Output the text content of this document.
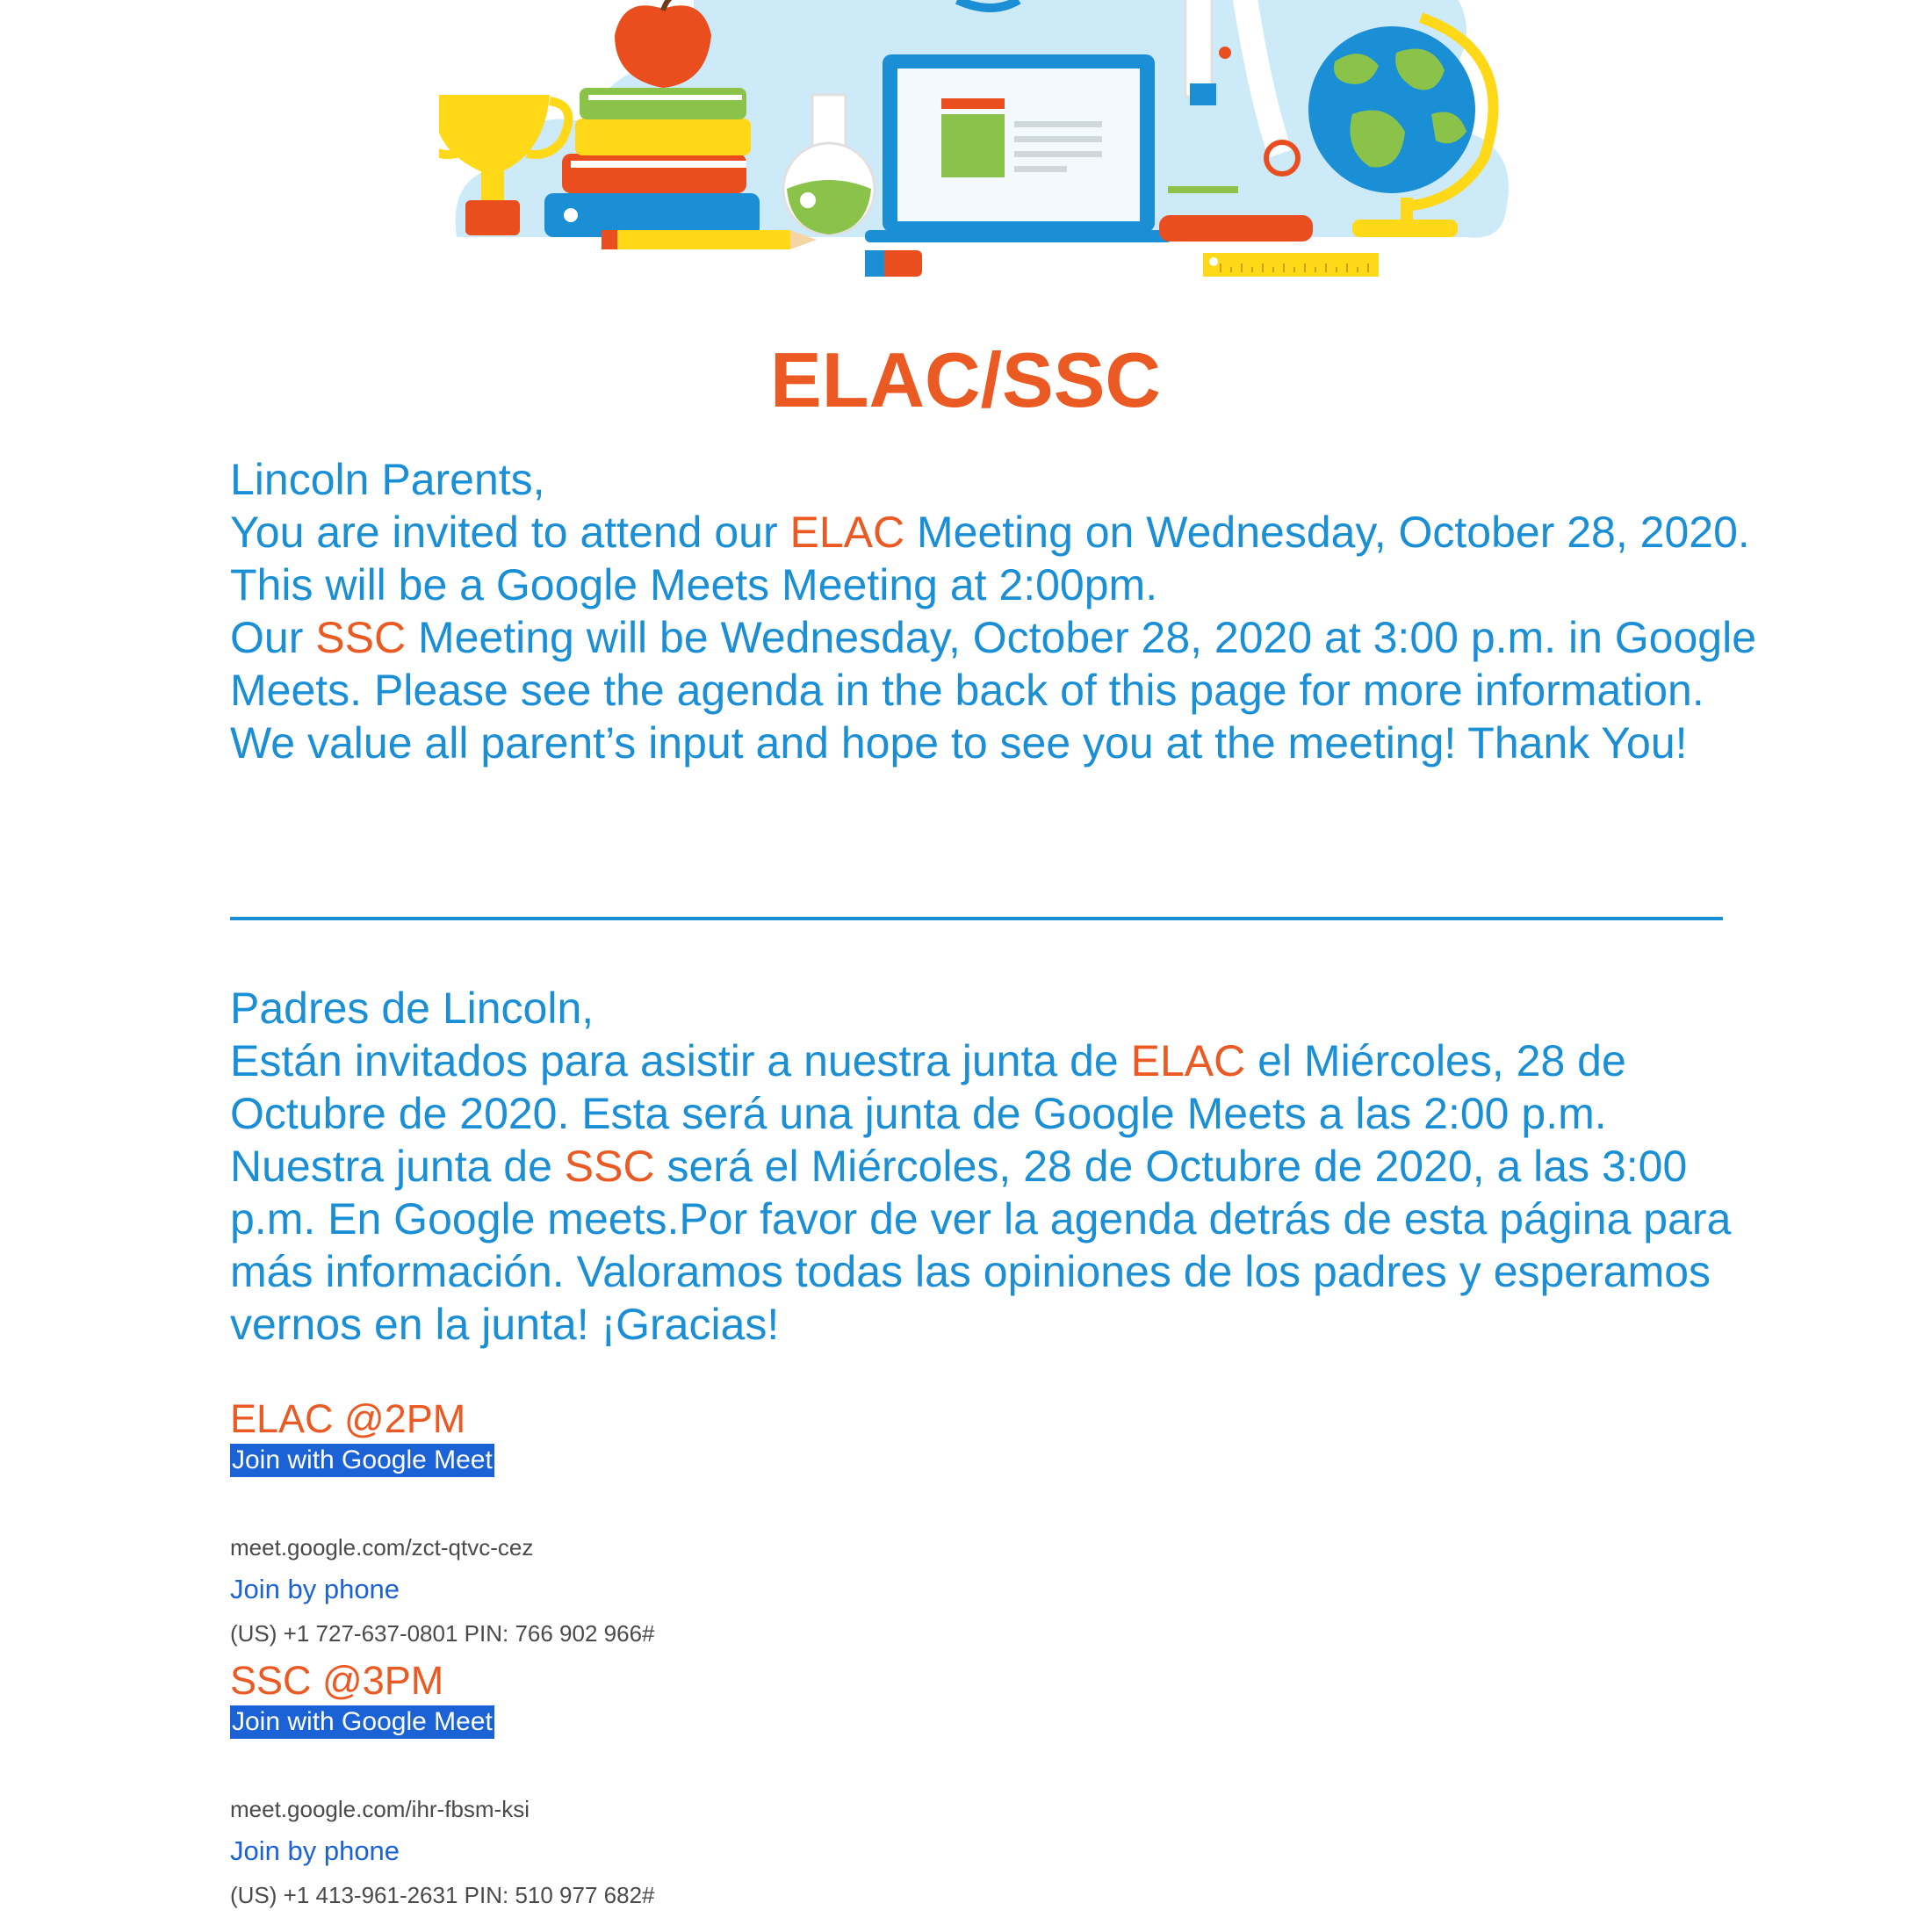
ELAC/SSC

Lincoln Parents,

You are invited to attend our ELAC Meeting on Wednesday, October 28, 2020. This will be a Google Meets Meeting at 2:00pm.

Our SSC Meeting will be Wednesday, October 28, 2020 at 3:00 p.m. in Google Meets. Please see the agenda in the back of this page for more information. We value all parent’s input and hope to see you at the meeting! Thank You!

Padres de Lincoln,

Están invitados para asistir a nuestra junta de ELAC el Miércoles, 28 de Octubre de 2020. Esta será una junta de Google Meets a las 2:00 p.m.

Nuestra junta de SSC será el Miércoles, 28 de Octubre de 2020, a las 3:00 p.m. En Google meets.Por favor de ver la agenda detrás de esta página para más información. Valoramos todas las opiniones de los padres y esperamos vernos en la junta! ¡Gracias!

ELAC @2PM

Join with Google Meet
meet.google.com/zct-qtvc-cez
Join by phone
(US) +1 727-637-0801 PIN: 766 902 966#

SSC @3PM

Join with Google Meet
meet.google.com/ihr-fbsm-ksi
Join by phone
(US) +1 413-961-2631 PIN: 510 977 682#
